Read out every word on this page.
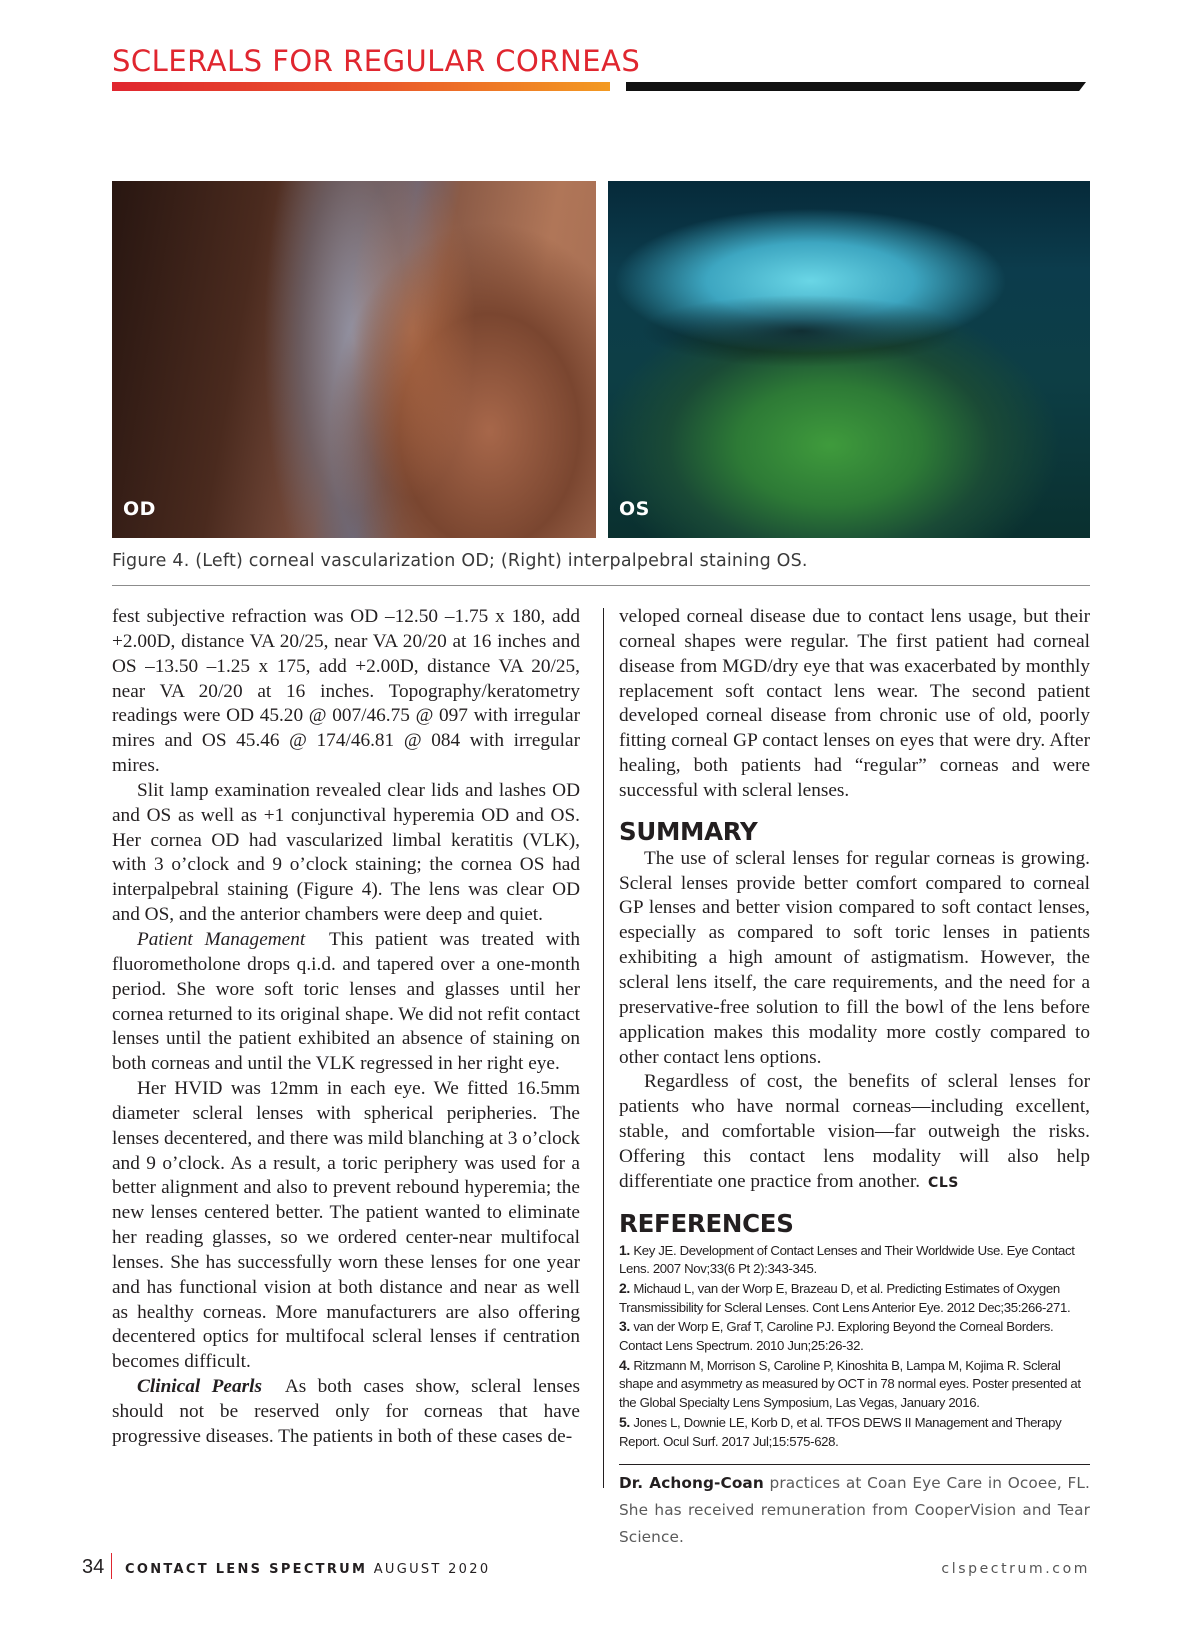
SCLERALS FOR REGULAR CORNEAS
OD	OS
Figure 4. (Left) corneal vascularization OD; (Right) interpalpebral staining OS.

fest subjective refraction was OD –12.50 –1.75 x 180, add +2.00D, distance VA 20/25, near VA 20/20 at 16 inches and OS –13.50 –1.25 x 175, add +2.00D, distance VA 20/25, near VA 20/20 at 16 inches. Topography/keratometry readings were OD 45.20 @ 007/46.75 @ 097 with irregular mires and OS 45.46 @ 174/46.81 @ 084 with irregular mires.

Slit lamp examination revealed clear lids and lashes OD and OS as well as +1 conjunctival hyperemia OD and OS. Her cornea OD had vascularized limbal keratitis (VLK), with 3 o’clock and 9 o’clock staining; the cornea OS had interpalpebral staining (Figure 4). The lens was clear OD and OS, and the anterior chambers were deep and quiet.

Patient Management This patient was treated with fluorometholone drops q.i.d. and tapered over a one-month period. She wore soft toric lenses and glasses until her cornea returned to its original shape. We did not refit contact lenses until the patient exhibited an absence of staining on both corneas and until the VLK regressed in her right eye.

Her HVID was 12mm in each eye. We fitted 16.5mm diameter scleral lenses with spherical peripheries. The lenses decentered, and there was mild blanching at 3 o’clock and 9 o’clock. As a result, a toric periphery was used for a better alignment and also to prevent rebound hyperemia; the new lenses centered better. The patient wanted to eliminate her reading glasses, so we ordered center-near multifocal lenses. She has successfully worn these lenses for one year and has functional vision at both distance and near as well as healthy corneas. More manufacturers are also offering decentered optics for multifocal scleral lenses if centration becomes difficult.

Clinical Pearls As both cases show, scleral lenses should not be reserved only for corneas that have progressive diseases. The patients in both of these cases de-

veloped corneal disease due to contact lens usage, but their corneal shapes were regular. The first patient had corneal disease from MGD/dry eye that was exacerbated by monthly replacement soft contact lens wear. The second patient developed corneal disease from chronic use of old, poorly fitting corneal GP contact lenses on eyes that were dry. After healing, both patients had “regular” corneas and were successful with scleral lenses.

SUMMARY

The use of scleral lenses for regular corneas is growing. Scleral lenses provide better comfort compared to corneal GP lenses and better vision compared to soft contact lenses, especially as compared to soft toric lenses in patients exhibiting a high amount of astigmatism. However, the scleral lens itself, the care requirements, and the need for a preservative-free solution to fill the bowl of the lens before application makes this modality more costly compared to other contact lens options.

Regardless of cost, the benefits of scleral lenses for patients who have normal corneas—including excellent, stable, and comfortable vision—far outweigh the risks. Offering this contact lens modality will also help differentiate one practice from another. CLS

REFERENCES
1. Key JE. Development of Contact Lenses and Their Worldwide Use. Eye Contact Lens. 2007 Nov;33(6 Pt 2):343-345.
2. Michaud L, van der Worp E, Brazeau D, et al. Predicting Estimates of Oxygen Transmissibility for Scleral Lenses. Cont Lens Anterior Eye. 2012 Dec;35:266-271.
3. van der Worp E, Graf T, Caroline PJ. Exploring Beyond the Corneal Borders. Contact Lens Spectrum. 2010 Jun;25:26-32.
4. Ritzmann M, Morrison S, Caroline P, Kinoshita B, Lampa M, Kojima R. Scleral shape and asymmetry as measured by OCT in 78 normal eyes. Poster presented at the Global Specialty Lens Symposium, Las Vegas, January 2016.
5. Jones L, Downie LE, Korb D, et al. TFOS DEWS II Management and Therapy Report. Ocul Surf. 2017 Jul;15:575-628.
Dr. Achong-Coan practices at Coan Eye Care in Ocoee, FL. She has received remuneration from CooperVision and Tear Science.
34 CONTACT LENS SPECTRUM AUGUST 2020	clspectrum.com
